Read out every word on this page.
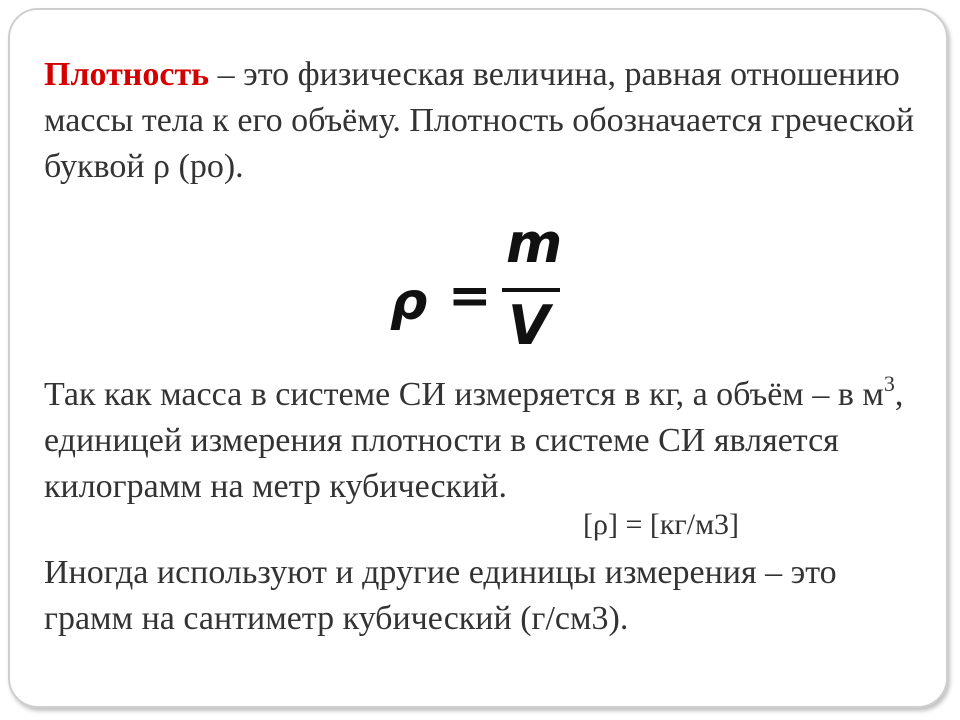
Плотность – это физическая величина, равная отношению массы тела к его объёму. Плотность обозначается греческой буквой ρ (ро).
ρ =
m
V
Так как масса в системе СИ измеряется в кг, а объём – в $м^3$, единицей измерения плотности в системе СИ является килограмм на метр кубический.
[ρ] = [кг/м3]
Иногда используют и другие единицы измерения – это грамм на сантиметр кубический (г/см3).
